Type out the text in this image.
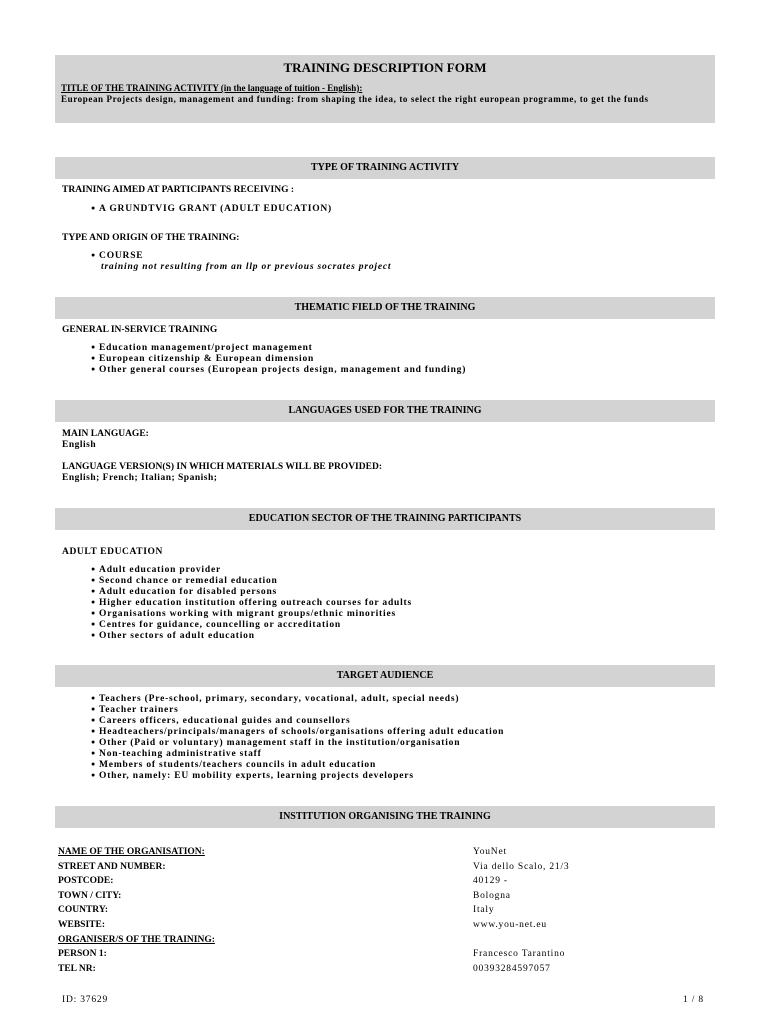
TRAINING DESCRIPTION FORM
TITLE OF THE TRAINING ACTIVITY (in the language of tuition - English):
European Projects design, management and funding: from shaping the idea, to select the right european programme, to get the funds
TYPE OF TRAINING ACTIVITY
TRAINING AIMED AT PARTICIPANTS RECEIVING :
● A GRUNDTVIG GRANT (ADULT EDUCATION)
TYPE AND ORIGIN OF THE TRAINING:
● COURSE
training not resulting from an llp or previous socrates project
THEMATIC FIELD OF THE TRAINING
GENERAL IN-SERVICE TRAINING
● Education management/project management
● European citizenship & European dimension
● Other general courses (European projects design, management and funding)
LANGUAGES USED FOR THE TRAINING
MAIN LANGUAGE:
English
LANGUAGE VERSION(S) IN WHICH MATERIALS WILL BE PROVIDED:
English; French; Italian; Spanish;
EDUCATION SECTOR OF THE TRAINING PARTICIPANTS
ADULT EDUCATION
● Adult education provider
● Second chance or remedial education
● Adult education for disabled persons
● Higher education institution offering outreach courses for adults
● Organisations working with migrant groups/ethnic minorities
● Centres for guidance, councelling or accreditation
● Other sectors of adult education
TARGET AUDIENCE
● Teachers (Pre-school, primary, secondary, vocational, adult, special needs)
● Teacher trainers
● Careers officers, educational guides and counsellors
● Headteachers/principals/managers of schools/organisations offering adult education
● Other (Paid or voluntary) management staff in the institution/organisation
● Non-teaching administrative staff
● Members of students/teachers councils in adult education
● Other, namely: EU mobility experts, learning projects developers
INSTITUTION ORGANISING THE TRAINING
NAME OF THE ORGANISATION:	YouNet
STREET AND NUMBER:	Via dello Scalo, 21/3
POSTCODE:	40129 -
TOWN / CITY:	Bologna
COUNTRY:	Italy
WEBSITE:	www.you-net.eu
ORGANISER/S OF THE TRAINING:
PERSON 1:	Francesco Tarantino
TEL NR:	00393284597057
ID: 37629	1 / 8
